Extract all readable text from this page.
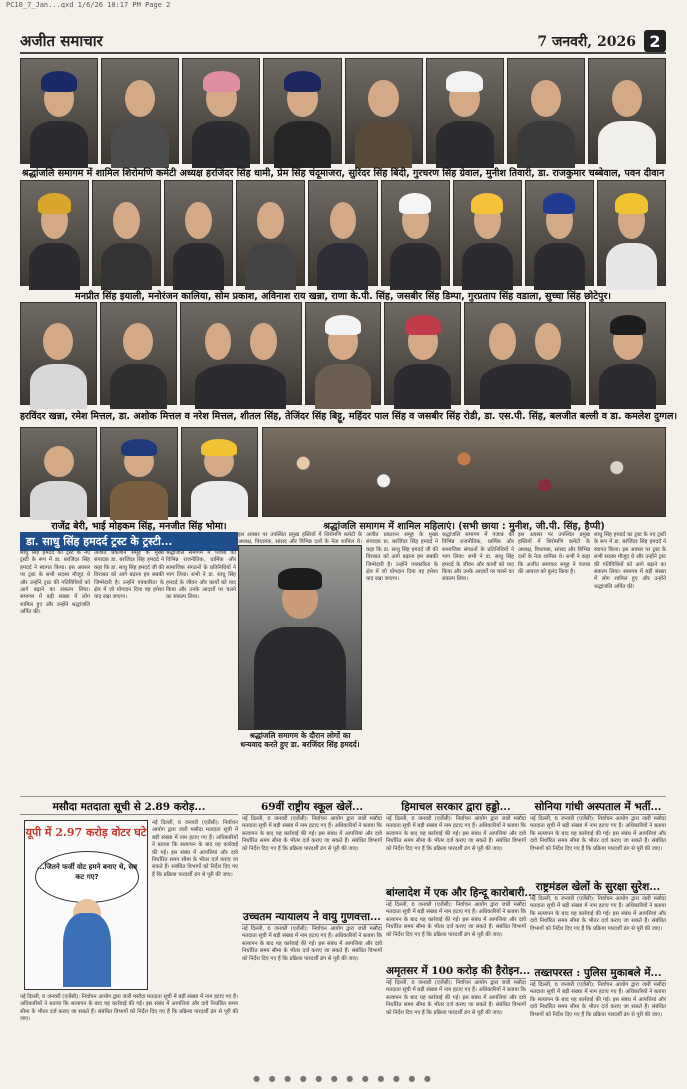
PC10_7_Jan...qxd 1/6/26 10:17 PM Page 2
अजीत समाचार	7 जनवरी, 2026 2
श्रद्धांजलि समागम में शामिल शिरोमणि कमेटी अध्यक्ष हरजिंदर सिंह धामी, प्रेम सिंह चंदूमाजरा, सुरिंदर सिंह बिंदी, गुरचरण सिंह ग्रेवाल, मुनीश तिवारी, डा. राजकुमार चब्बेवाल, पवन दीवान
मनप्रीत सिंह इयाली, मनोरंजन कालिया, सोम प्रकाश, अविनाश राय खन्ना, राणा के.पी. सिंह, जसबीर सिंह डिम्पा, गुरप्रताप सिंह वडाला, सुच्चा सिंह छोटेपुर।
हरविंदर खन्ना, रमेश मित्तल, डा. अशोक मित्तल व नरेश मित्तल, शीतल सिंह, तेजिंदर सिंह बिट्टू, महिंदर पाल सिंह व जसबीर सिंह रोडी, डा. एस.पी. सिंह, बलजीत बल्ली व डा. कमलेश दुग्गल।
राजेंद्र बेरी, भाई मोहकम सिंह, मनजीत सिंह भोमा।	श्रद्धांजलि समागम में शामिल महिलाएं। (सभी छाया : मुनीश, जी.पी. सिंह, हैप्पी)
डा. साधु सिंह हमदर्द ट्रस्ट के ट्रस्टी...
साधु सिंह हमदर्द का ट्रस्ट के नए ट्रस्टी के रूप में डा. बरजिंदर सिंह हमदर्द ने स्वागत किया। इस अवसर पर ट्रस्ट के सभी सदस्य मौजूद थे और उन्होंने ट्रस्ट की गतिविधियों को आगे बढ़ाने का संकल्प लिया। समागम में बड़ी संख्या में लोग शामिल हुए और उन्होंने श्रद्धांजलि अर्पित की।
अजीत प्रकाशन समूह के मुख्य संपादक डा. बरजिंदर सिंह हमदर्द ने कहा कि डा. साधु सिंह हमदर्द जी की विरासत को आगे बढ़ाना हम सबकी जिम्मेदारी है। उन्होंने पत्रकारिता के क्षेत्र में जो योगदान दिया वह हमेशा याद रखा जाएगा।
श्रद्धांजलि समागम में पंजाब की विभिन्न राजनीतिक, धार्मिक और सामाजिक संगठनों के प्रतिनिधियों ने भाग लिया। सभी ने डा. साधु सिंह हमदर्द के जीवन और कार्यों को याद किया और उनके आदर्शों पर चलने का संकल्प लिया।
इस अवसर पर उपस्थित प्रमुख हस्तियों में शिरोमणि कमेटी के अध्यक्ष, विधायक, सांसद और विभिन्न दलों के नेता शामिल थे।
श्रद्धांजलि समागम के दौरान लोगों का धन्यवाद करते हुए डा. बरजिंदर सिंह हमदर्द।
अजीत प्रकाशन समूह के मुख्य संपादक डा. बरजिंदर सिंह हमदर्द ने कहा कि डा. साधु सिंह हमदर्द जी की विरासत को आगे बढ़ाना हम सबकी जिम्मेदारी है। उन्होंने पत्रकारिता के क्षेत्र में जो योगदान दिया वह हमेशा याद रखा जाएगा।
श्रद्धांजलि समागम में पंजाब की विभिन्न राजनीतिक, धार्मिक और सामाजिक संगठनों के प्रतिनिधियों ने भाग लिया। सभी ने डा. साधु सिंह हमदर्द के जीवन और कार्यों को याद किया और उनके आदर्शों पर चलने का संकल्प लिया।
इस अवसर पर उपस्थित प्रमुख हस्तियों में शिरोमणि कमेटी के अध्यक्ष, विधायक, सांसद और विभिन्न दलों के नेता शामिल थे। सभी ने कहा कि अजीत समाचार समूह ने पंजाब की आवाज को बुलंद किया है।
साधु सिंह हमदर्द का ट्रस्ट के नए ट्रस्टी के रूप में डा. बरजिंदर सिंह हमदर्द ने स्वागत किया। इस अवसर पर ट्रस्ट के सभी सदस्य मौजूद थे और उन्होंने ट्रस्ट की गतिविधियों को आगे बढ़ाने का संकल्प लिया। समागम में बड़ी संख्या में लोग शामिल हुए और उन्होंने श्रद्धांजलि अर्पित की।
मसौदा मतदाता सूची से 2.89 करोड़...
यूपी में 2.97 करोड़ वोटर घटे
...जितने फर्जी वोट हमने बनाए थे, सब कट गए?
नई दिल्ली, 6 जनवरी (एजेंसी): निर्वाचन आयोग द्वारा जारी मसौदा मतदाता सूची में बड़ी संख्या में नाम हटाए गए हैं। अधिकारियों ने बताया कि सत्यापन के बाद यह कार्रवाई की गई। इस संबंध में आपत्तियां और दावे निर्धारित समय सीमा के भीतर दर्ज कराए जा सकते हैं। संबंधित विभागों को निर्देश दिए गए हैं कि प्रक्रिया पारदर्शी ढंग से पूरी की जाए।
नई दिल्ली, 6 जनवरी (एजेंसी): निर्वाचन आयोग द्वारा जारी मसौदा मतदाता सूची में बड़ी संख्या में नाम हटाए गए हैं। अधिकारियों ने बताया कि सत्यापन के बाद यह कार्रवाई की गई। इस संबंध में आपत्तियां और दावे निर्धारित समय सीमा के भीतर दर्ज कराए जा सकते हैं। संबंधित विभागों को निर्देश दिए गए हैं कि प्रक्रिया पारदर्शी ढंग से पूरी की जाए।
69वीं राष्ट्रीय स्कूल खेलें...
नई दिल्ली, 6 जनवरी (एजेंसी): निर्वाचन आयोग द्वारा जारी मसौदा मतदाता सूची में बड़ी संख्या में नाम हटाए गए हैं। अधिकारियों ने बताया कि सत्यापन के बाद यह कार्रवाई की गई। इस संबंध में आपत्तियां और दावे निर्धारित समय सीमा के भीतर दर्ज कराए जा सकते हैं। संबंधित विभागों को निर्देश दिए गए हैं कि प्रक्रिया पारदर्शी ढंग से पूरी की जाए।
उच्चतम न्यायालय ने वायु गुणवत्ता...
नई दिल्ली, 6 जनवरी (एजेंसी): निर्वाचन आयोग द्वारा जारी मसौदा मतदाता सूची में बड़ी संख्या में नाम हटाए गए हैं। अधिकारियों ने बताया कि सत्यापन के बाद यह कार्रवाई की गई। इस संबंध में आपत्तियां और दावे निर्धारित समय सीमा के भीतर दर्ज कराए जा सकते हैं। संबंधित विभागों को निर्देश दिए गए हैं कि प्रक्रिया पारदर्शी ढंग से पूरी की जाए।
हिमाचल सरकार द्वारा हड्डो...
नई दिल्ली, 6 जनवरी (एजेंसी): निर्वाचन आयोग द्वारा जारी मसौदा मतदाता सूची में बड़ी संख्या में नाम हटाए गए हैं। अधिकारियों ने बताया कि सत्यापन के बाद यह कार्रवाई की गई। इस संबंध में आपत्तियां और दावे निर्धारित समय सीमा के भीतर दर्ज कराए जा सकते हैं। संबंधित विभागों को निर्देश दिए गए हैं कि प्रक्रिया पारदर्शी ढंग से पूरी की जाए।
बांग्लादेश में एक और हिन्दू कारोबारी...
नई दिल्ली, 6 जनवरी (एजेंसी): निर्वाचन आयोग द्वारा जारी मसौदा मतदाता सूची में बड़ी संख्या में नाम हटाए गए हैं। अधिकारियों ने बताया कि सत्यापन के बाद यह कार्रवाई की गई। इस संबंध में आपत्तियां और दावे निर्धारित समय सीमा के भीतर दर्ज कराए जा सकते हैं। संबंधित विभागों को निर्देश दिए गए हैं कि प्रक्रिया पारदर्शी ढंग से पूरी की जाए।
अमृतसर में 100 करोड़ की हैरोइन...
नई दिल्ली, 6 जनवरी (एजेंसी): निर्वाचन आयोग द्वारा जारी मसौदा मतदाता सूची में बड़ी संख्या में नाम हटाए गए हैं। अधिकारियों ने बताया कि सत्यापन के बाद यह कार्रवाई की गई। इस संबंध में आपत्तियां और दावे निर्धारित समय सीमा के भीतर दर्ज कराए जा सकते हैं। संबंधित विभागों को निर्देश दिए गए हैं कि प्रक्रिया पारदर्शी ढंग से पूरी की जाए।
सोनिया गांधी अस्पताल में भर्ती...
नई दिल्ली, 6 जनवरी (एजेंसी): निर्वाचन आयोग द्वारा जारी मसौदा मतदाता सूची में बड़ी संख्या में नाम हटाए गए हैं। अधिकारियों ने बताया कि सत्यापन के बाद यह कार्रवाई की गई। इस संबंध में आपत्तियां और दावे निर्धारित समय सीमा के भीतर दर्ज कराए जा सकते हैं। संबंधित विभागों को निर्देश दिए गए हैं कि प्रक्रिया पारदर्शी ढंग से पूरी की जाए।
राष्ट्रमंडल खेलों के सुरक्षा सुरेश...
नई दिल्ली, 6 जनवरी (एजेंसी): निर्वाचन आयोग द्वारा जारी मसौदा मतदाता सूची में बड़ी संख्या में नाम हटाए गए हैं। अधिकारियों ने बताया कि सत्यापन के बाद यह कार्रवाई की गई। इस संबंध में आपत्तियां और दावे निर्धारित समय सीमा के भीतर दर्ज कराए जा सकते हैं। संबंधित विभागों को निर्देश दिए गए हैं कि प्रक्रिया पारदर्शी ढंग से पूरी की जाए।
तख्तपरस्त : पुलिस मुकाबले में...
नई दिल्ली, 6 जनवरी (एजेंसी): निर्वाचन आयोग द्वारा जारी मसौदा मतदाता सूची में बड़ी संख्या में नाम हटाए गए हैं। अधिकारियों ने बताया कि सत्यापन के बाद यह कार्रवाई की गई। इस संबंध में आपत्तियां और दावे निर्धारित समय सीमा के भीतर दर्ज कराए जा सकते हैं। संबंधित विभागों को निर्देश दिए गए हैं कि प्रक्रिया पारदर्शी ढंग से पूरी की जाए।
● ● ● ● ● ● ● ● ● ● ● ●
